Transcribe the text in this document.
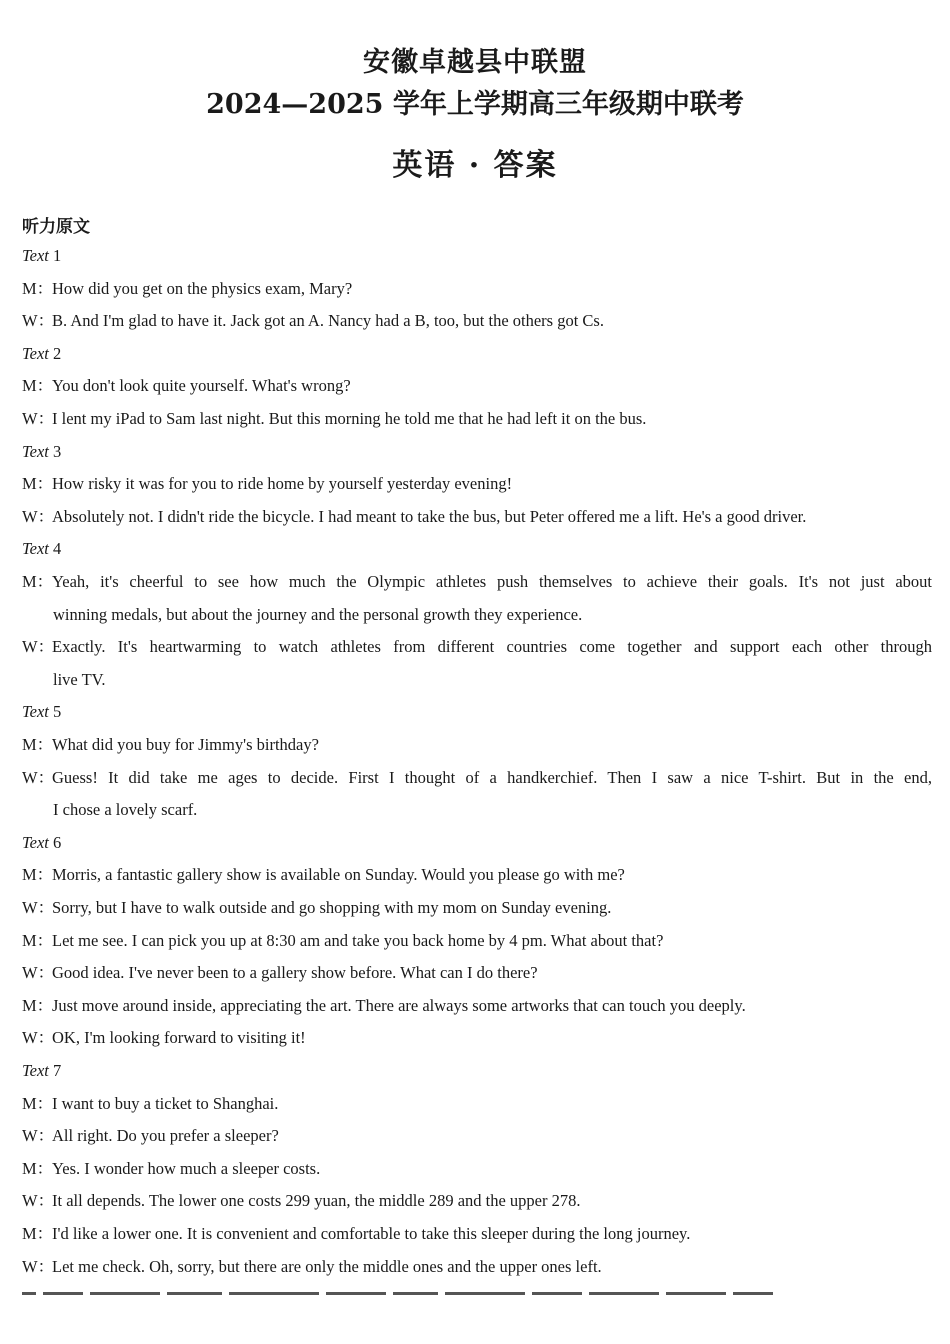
安徽卓越县中联盟
2024—2025 学年上学期高三年级期中联考
英语 · 答案
听力原文
Text 1
M：How did you get on the physics exam, Mary?
W：B. And I'm glad to have it. Jack got an A. Nancy had a B, too, but the others got Cs.
Text 2
M：You don't look quite yourself. What's wrong?
W：I lent my iPad to Sam last night. But this morning he told me that he had left it on the bus.
Text 3
M：How risky it was for you to ride home by yourself yesterday evening!
W：Absolutely not. I didn't ride the bicycle. I had meant to take the bus, but Peter offered me a lift. He's a good driver.
Text 4
M：Yeah, it's cheerful to see how much the Olympic athletes push themselves to achieve their goals. It's not just about
winning medals, but about the journey and the personal growth they experience.
W：Exactly. It's heartwarming to watch athletes from different countries come together and support each other through
live TV.
Text 5
M：What did you buy for Jimmy's birthday?
W：Guess! It did take me ages to decide. First I thought of a handkerchief. Then I saw a nice T-shirt. But in the end,
I chose a lovely scarf.
Text 6
M：Morris, a fantastic gallery show is available on Sunday. Would you please go with me?
W：Sorry, but I have to walk outside and go shopping with my mom on Sunday evening.
M：Let me see. I can pick you up at 8:30 am and take you back home by 4 pm. What about that?
W：Good idea. I've never been to a gallery show before. What can I do there?
M：Just move around inside, appreciating the art. There are always some artworks that can touch you deeply.
W：OK, I'm looking forward to visiting it!
Text 7
M：I want to buy a ticket to Shanghai.
W：All right. Do you prefer a sleeper?
M：Yes. I wonder how much a sleeper costs.
W：It all depends. The lower one costs 299 yuan, the middle 289 and the upper 278.
M：I'd like a lower one. It is convenient and comfortable to take this sleeper during the long journey.
W：Let me check. Oh, sorry, but there are only the middle ones and the upper ones left.
